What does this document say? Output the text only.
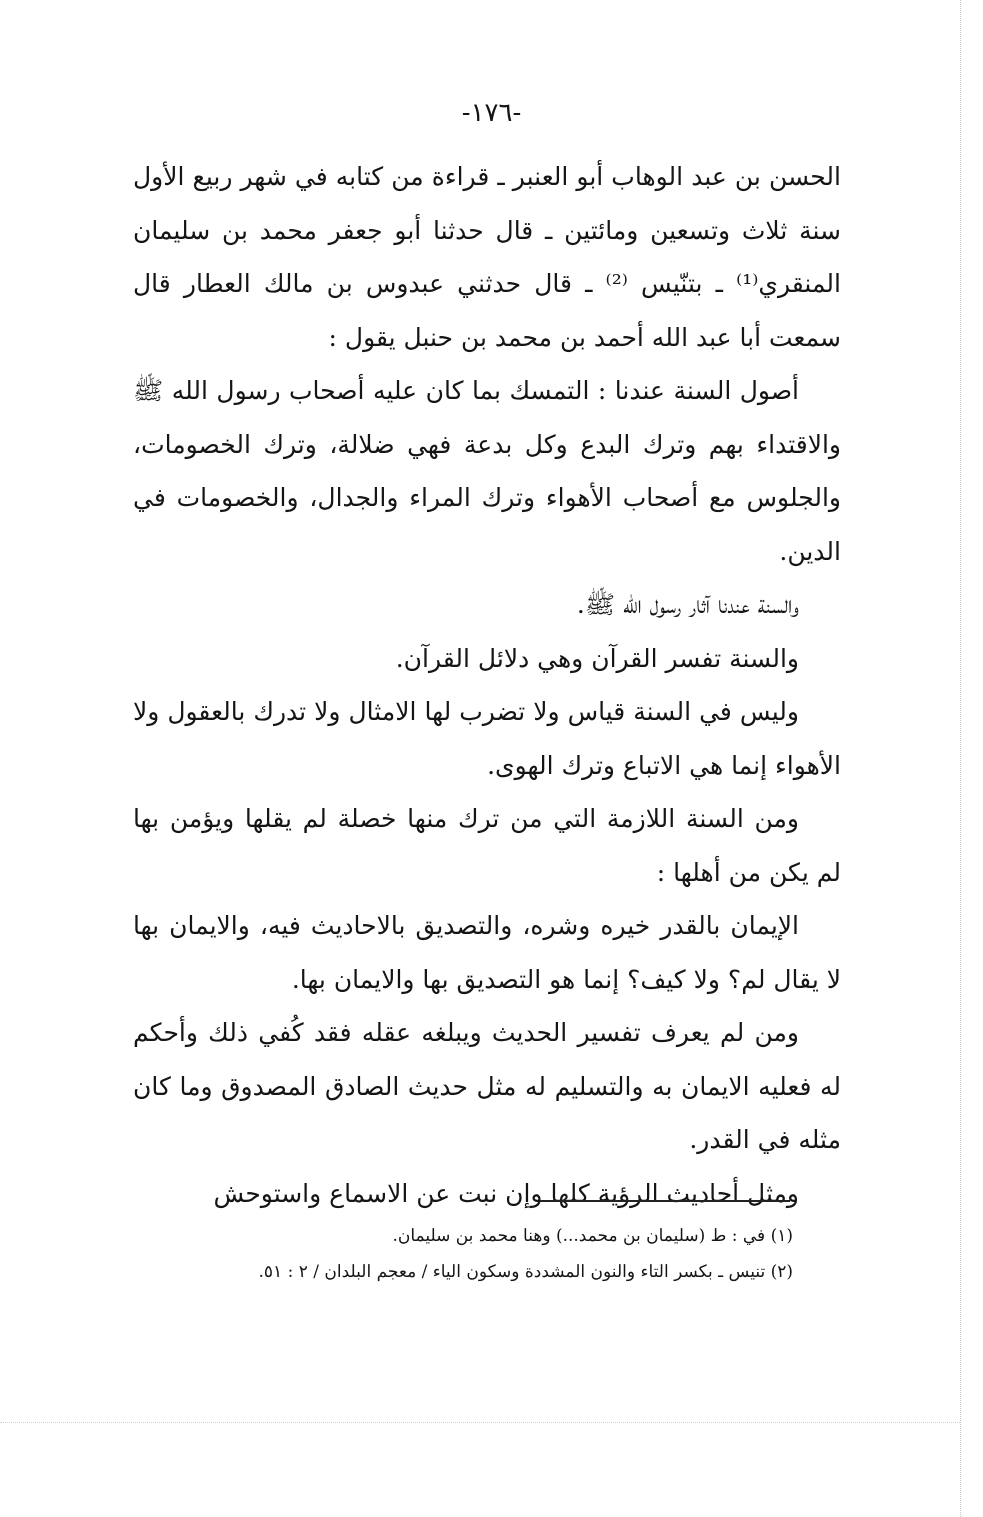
-١٧٦-

الحسن بن عبد الوهاب أبو العنبر ـ قراءة من كتابه في شهر ربيع الأول سنة ثلاث وتسعين ومائتين ـ قال حدثنا أبو جعفر محمد بن سليمان المنقري⁽¹⁾ ـ بتنّيس ⁽²⁾ ـ قال حدثني عبدوس بن مالك العطار قال سمعت أبا عبد الله أحمد بن محمد بن حنبل يقول :

أصول السنة عندنا : التمسك بما كان عليه أصحاب رسول الله ﷺ والاقتداء بهم وترك البدع وكل بدعة فهي ضلالة، وترك الخصومات، والجلوس مع أصحاب الأهواء وترك المراء والجدال، والخصومات في الدين.

والسنة عندنا آثار رسول الله ﷺ.

والسنة تفسر القرآن وهي دلائل القرآن.

وليس في السنة قياس ولا تضرب لها الامثال ولا تدرك بالعقول ولا الأهواء إنما هي الاتباع وترك الهوى.

ومن السنة اللازمة التي من ترك منها خصلة لم يقلها ويؤمن بها لم يكن من أهلها :

الإيمان بالقدر خيره وشره، والتصديق بالاحاديث فيه، والايمان بها لا يقال لم؟ ولا كيف؟ إنما هو التصديق بها والايمان بها.

ومن لم يعرف تفسير الحديث ويبلغه عقله فقد كُفي ذلك وأحكم له فعليه الايمان به والتسليم له مثل حديث الصادق المصدوق وما كان مثله في القدر.

ومثل أحاديث الرؤية كلها وإن نبت عن الاسماع واستوحش

(١) في : ط (سليمان بن محمد...) وهنا محمد بن سليمان.

(٢) تنيس ـ بكسر التاء والنون المشددة وسكون الياء / معجم البلدان / ٢ : ٥١.
